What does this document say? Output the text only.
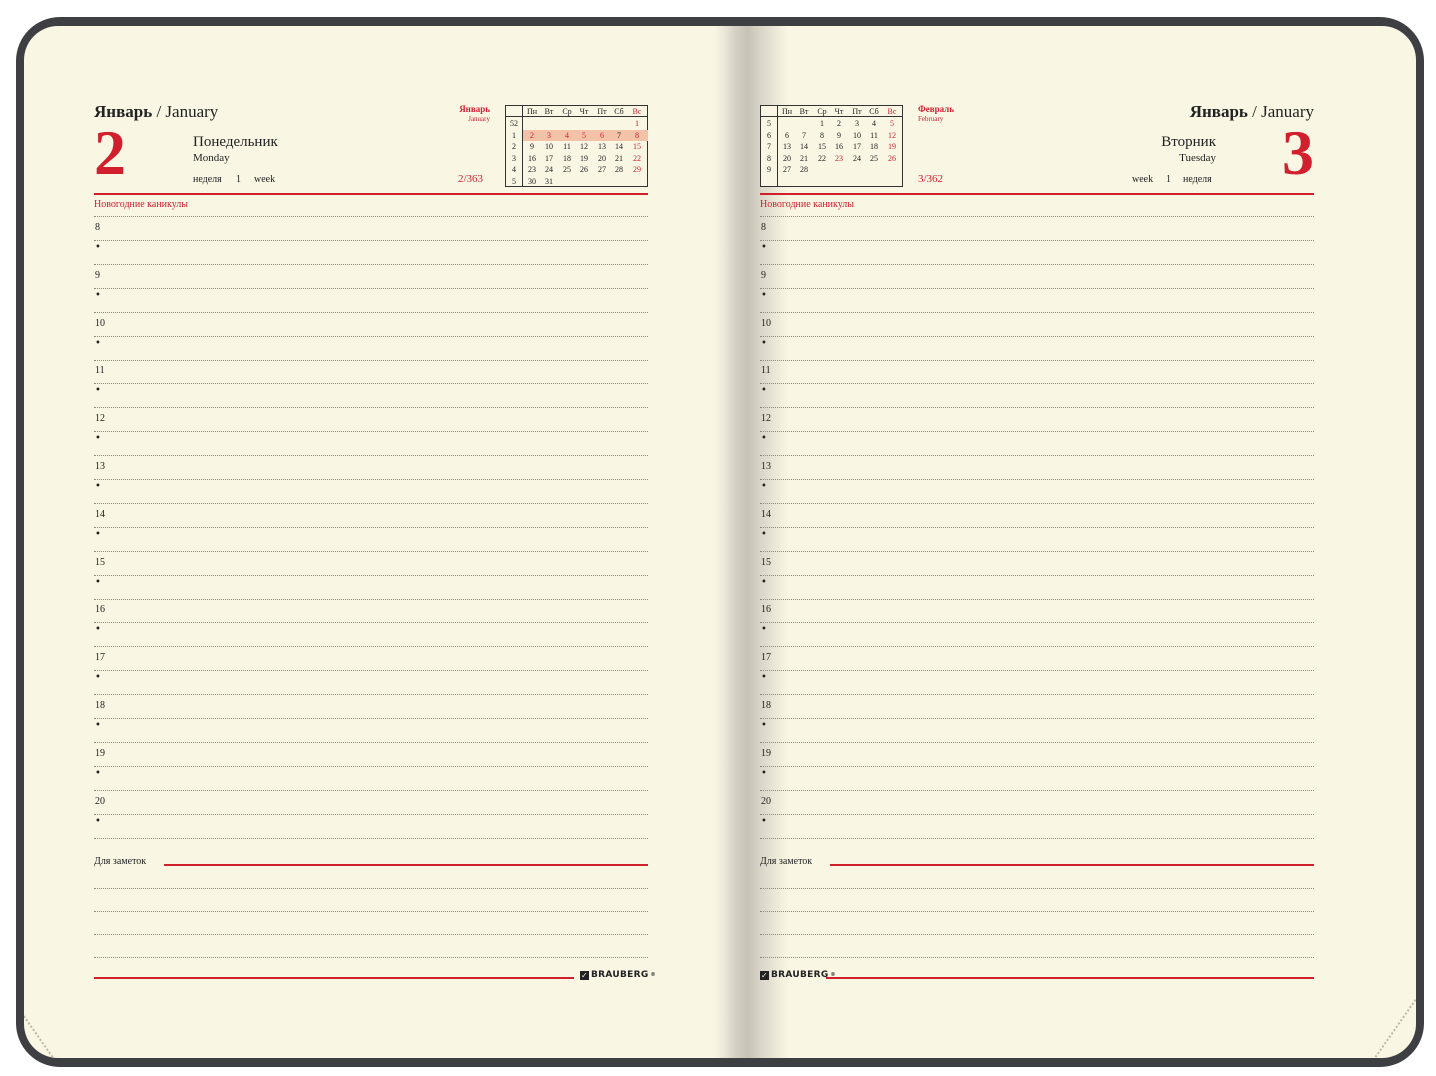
Январь / January
2	Понедельник
Monday
неделя 1 week	2/363
Январь
January
Пн Вт Ср Чт Пт Сб Вс
52
1
2
3
4
5
1
2 3 4 5 6 7 8
9 10 11 12 13 14 15
16 17 18 19 20 21 22
23 24 25 26 27 28 29
30 31
Новогодние каникулы
8
•
9
•
10
•
11
•
12
•
13
•
14
•
15
•
16
•
17
•
18
•
19
•
20
•
Для заметок
✓ BRAUBERG ®
Январь / January
3
Вторник
Tuesday
week 1 неделя
3/362
Февраль
February
Пн Вт Ср Чт Пт Сб Вс
5
6
7
8
9
1 2 3 4 5
6 7 8 9 10 11 12
13 14 15 16 17 18 19
20 21 22 23 24 25 26
27 28
Новогодние каникулы
8
•
9
•
10
•
11
•
12
•
13
•
14
•
15
•
16
•
17
•
18
•
19
•
20
•
Для заметок
✓ BRAUBERG ®
